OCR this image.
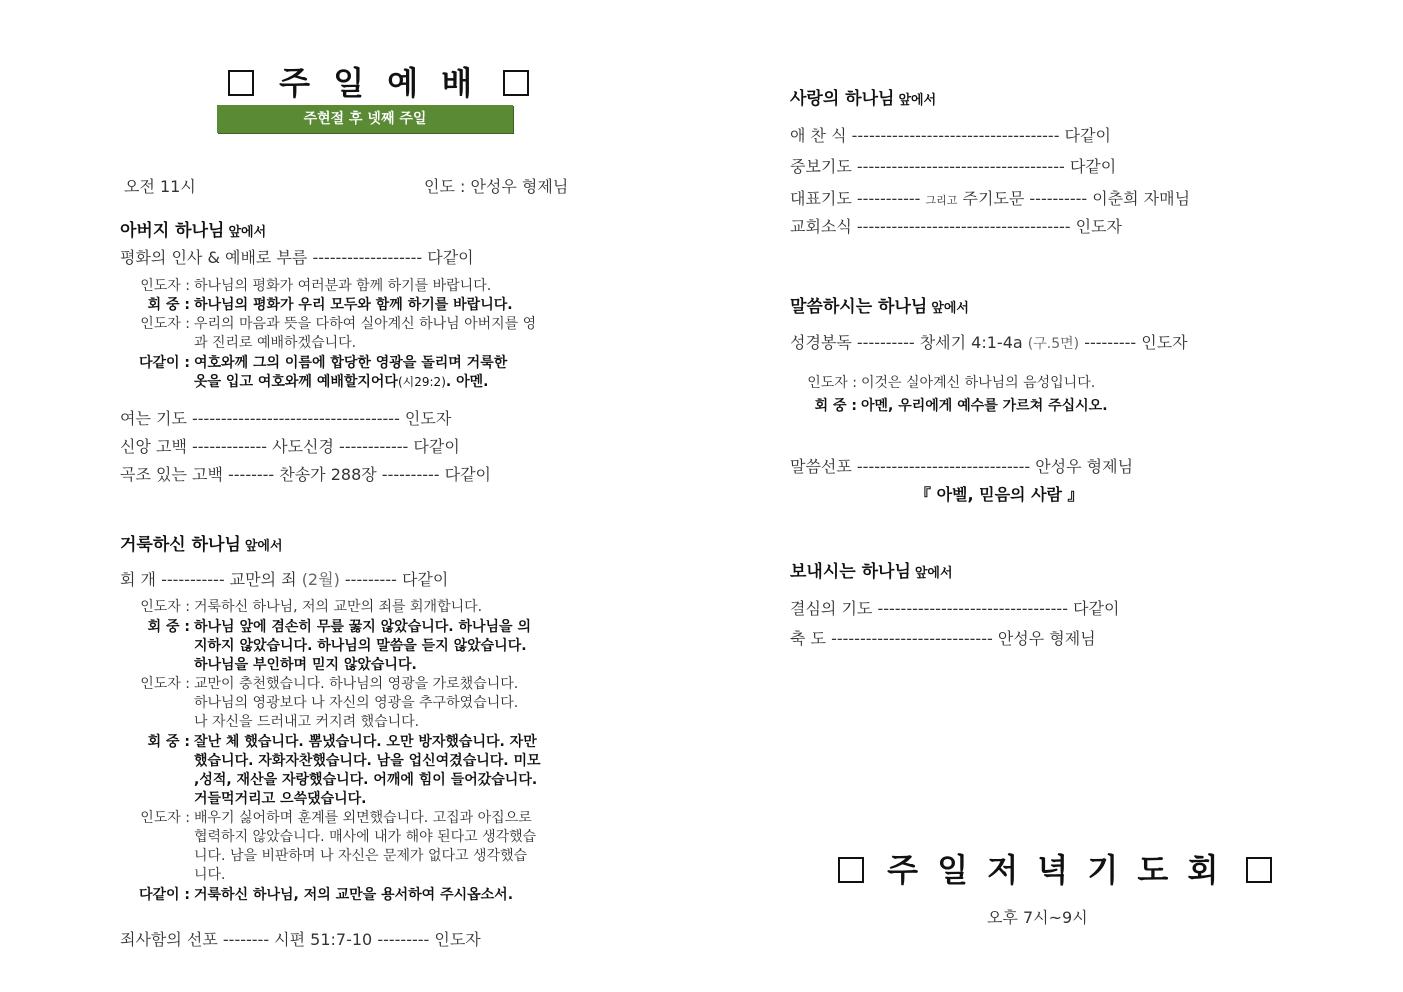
주 일 예 배
주현절 후 넷째 주일
오전 11시	인도 : 안성우 형제님
아버지 하나님 앞에서
평화의 인사 & 예배로 부름 ------------------- 다같이
인도자 : 하나님의 평화가 여러분과 함께 하기를 바랍니다.
회 중 : 하나님의 평화가 우리 모두와 함께 하기를 바랍니다.
인도자 : 우리의 마음과 뜻을 다하여 실아계신 하나님 아버지를 영
과 진리로 예배하겠습니다.
다같이 : 여호와께 그의 이름에 합당한 영광을 돌리며 거룩한
옷을 입고 여호와께 예배할지어다(시29:2). 아멘.
여는 기도 ------------------------------------ 인도자
신앙 고백 ------------- 사도신경 ------------ 다같이
곡조 있는 고백 -------- 찬송가 288장 ---------- 다같이
거룩하신 하나님 앞에서
회 개 ----------- 교만의 죄 (2월) --------- 다같이
인도자 : 거룩하신 하나님, 저의 교만의 죄를 회개합니다.
회 중 : 하나님 앞에 겸손히 무릎 꿇지 않았습니다. 하나님을 의
지하지 않았습니다. 하나님의 말씀을 듣지 않았습니다.
하나님을 부인하며 믿지 않았습니다.
인도자 : 교만이 충천했습니다. 하나님의 영광을 가로챘습니다.
하나님의 영광보다 나 자신의 영광을 추구하였습니다.
나 자신을 드러내고 커지려 했습니다.
회 중 : 잘난 체 했습니다. 뽐냈습니다. 오만 방자했습니다. 자만
했습니다. 자화자찬했습니다. 남을 업신여겼습니다. 미모
,성적, 재산을 자랑했습니다. 어깨에 힘이 들어갔습니다.
거들먹거리고 으쓱댔습니다.
인도자 : 배우기 싫어하며 훈계를 외면했습니다. 고집과 아집으로
협력하지 않았습니다. 매사에 내가 해야 된다고 생각했습
니다. 남을 비판하며 나 자신은 문제가 없다고 생각했습
니다.
다같이 : 거룩하신 하나님, 저의 교만을 용서하여 주시옵소서.
죄사함의 선포 -------- 시편 51:7-10 --------- 인도자
사랑의 하나님 앞에서
애 찬 식 ------------------------------------ 다같이
중보기도 ------------------------------------ 다같이
대표기도 ----------- 그리고 주기도문 ---------- 이춘희 자매님
교회소식 ------------------------------------- 인도자
말씀하시는 하나님 앞에서
성경봉독 ---------- 창세기 4:1-4a (구.5면) --------- 인도자
인도자 : 이것은 실아계신 하나님의 음성입니다.
회 중 : 아멘, 우리에게 예수를 가르쳐 주십시오.
말씀선포 ------------------------------ 안성우 형제님
『 아벨, 믿음의 사람 』
보내시는 하나님 앞에서
결심의 기도 --------------------------------- 다같이
축 도 ---------------------------- 안성우 형제님
주 일 저 녁 기 도 회
오후 7시~9시
